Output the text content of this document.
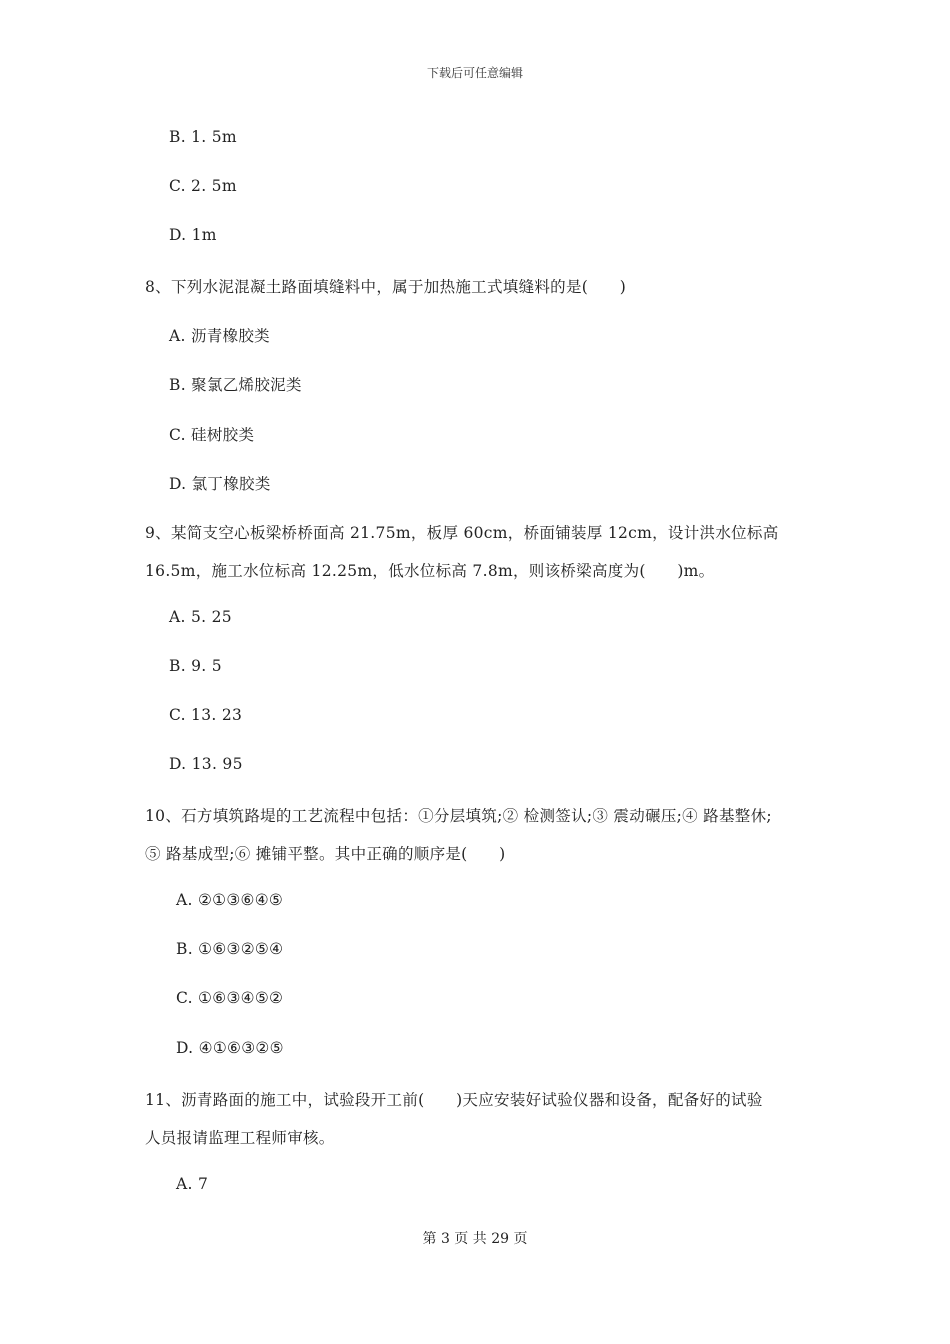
下载后可任意编辑
B. 1. 5m
C. 2. 5m
D. 1m
8、下列水泥混凝土路面填缝料中，属于加热施工式填缝料的是(　　)
A. 沥青橡胶类
B. 聚氯乙烯胶泥类
C. 硅树胶类
D. 氯丁橡胶类
9、某简支空心板梁桥桥面高 21.75m，板厚 60cm，桥面铺装厚 12cm，设计洪水位标高
16.5m，施工水位标高 12.25m，低水位标高 7.8m，则该桥梁高度为(　　)m。
A. 5. 25
B. 9. 5
C. 13. 23
D. 13. 95
10、石方填筑路堤的工艺流程中包括：①分层填筑;② 检测签认;③ 震动碾压;④ 路基整休;
⑤ 路基成型;⑥ 摊铺平整。其中正确的顺序是(　　)
A. ②①③⑥④⑤
B. ①⑥③②⑤④
C. ①⑥③④⑤②
D. ④①⑥③②⑤
11、沥青路面的施工中，试验段开工前(　　)天应安装好试验仪器和设备，配备好的试验
人员报请监理工程师审核。
A. 7
第 3 页 共 29 页
